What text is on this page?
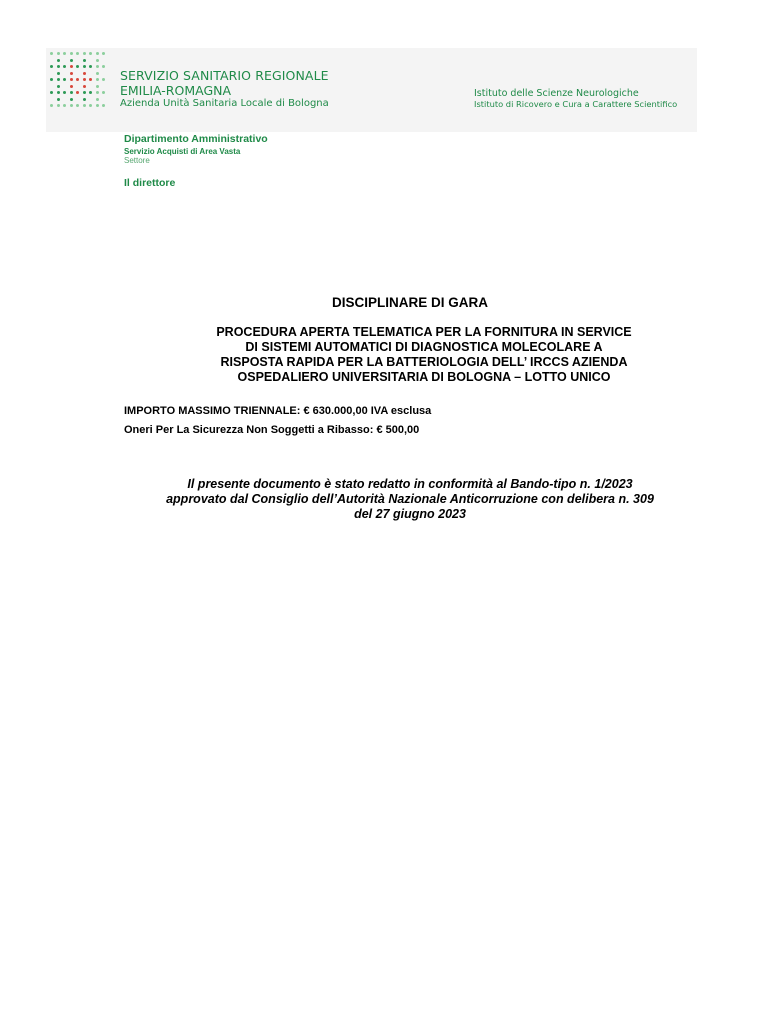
SERVIZIO SANITARIO REGIONALE
EMILIA-ROMAGNA
Azienda Unità Sanitaria Locale di Bologna
Istituto delle Scienze Neurologiche
Istituto di Ricovero e Cura a Carattere Scientifico
Dipartimento Amministrativo
Servizio Acquisti di Area Vasta
Settore
Il direttore
DISCIPLINARE DI GARA
PROCEDURA APERTA TELEMATICA PER LA FORNITURA IN SERVICE
DI SISTEMI AUTOMATICI DI DIAGNOSTICA MOLECOLARE A
RISPOSTA RAPIDA PER LA BATTERIOLOGIA DELL’ IRCCS AZIENDA
OSPEDALIERO UNIVERSITARIA DI BOLOGNA – LOTTO UNICO
IMPORTO MASSIMO TRIENNALE: € 630.000,00 IVA esclusa
Oneri Per La Sicurezza Non Soggetti a Ribasso: € 500,00
Il presente documento è stato redatto in conformità al Bando-tipo n. 1/2023
approvato dal Consiglio dell’Autorità Nazionale Anticorruzione con delibera n. 309
del 27 giugno 2023
